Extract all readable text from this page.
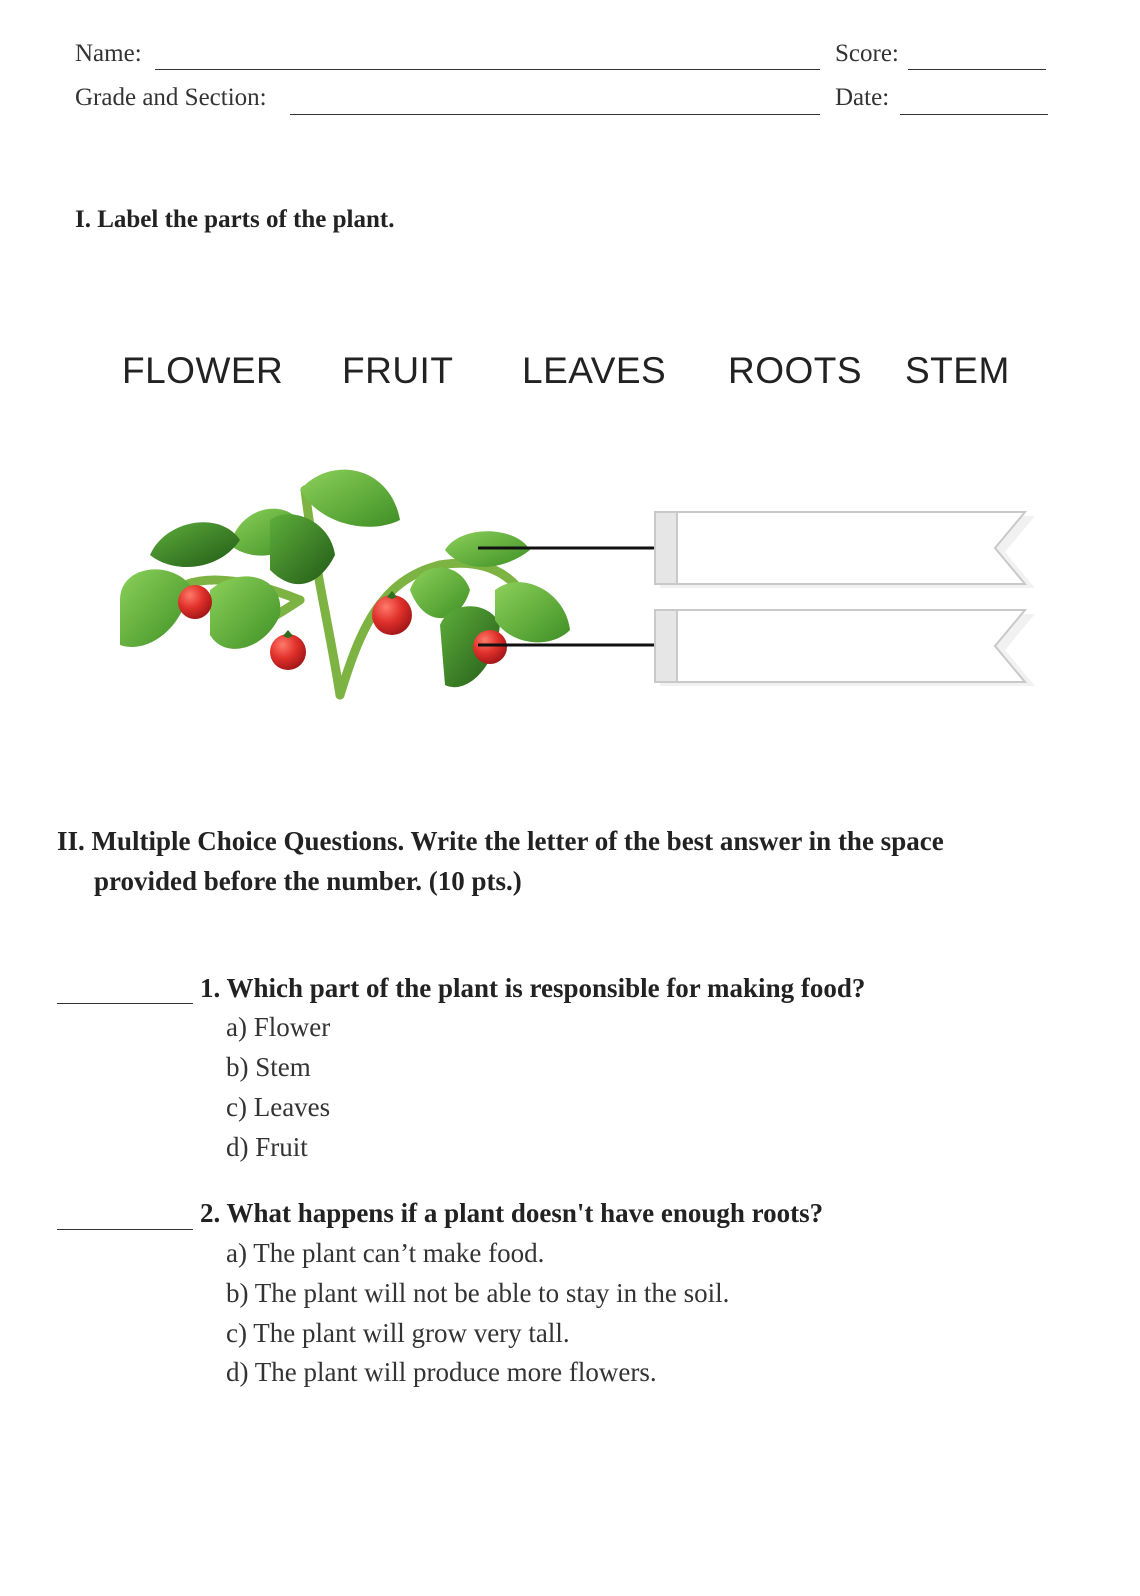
Name:	Score:
Grade and Section:	Date:
I. Label the parts of the plant.
FLOWER FRUIT LEAVES ROOTS STEM
II. Multiple Choice Questions. Write the letter of the best answer in the space
provided before the number. (10 pts.)
1. Which part of the plant is responsible for making food?
a) Flower
b) Stem
c) Leaves
d) Fruit
2. What happens if a plant doesn't have enough roots?
a) The plant can’t make food.
b) The plant will not be able to stay in the soil.
c) The plant will grow very tall.
d) The plant will produce more flowers.
